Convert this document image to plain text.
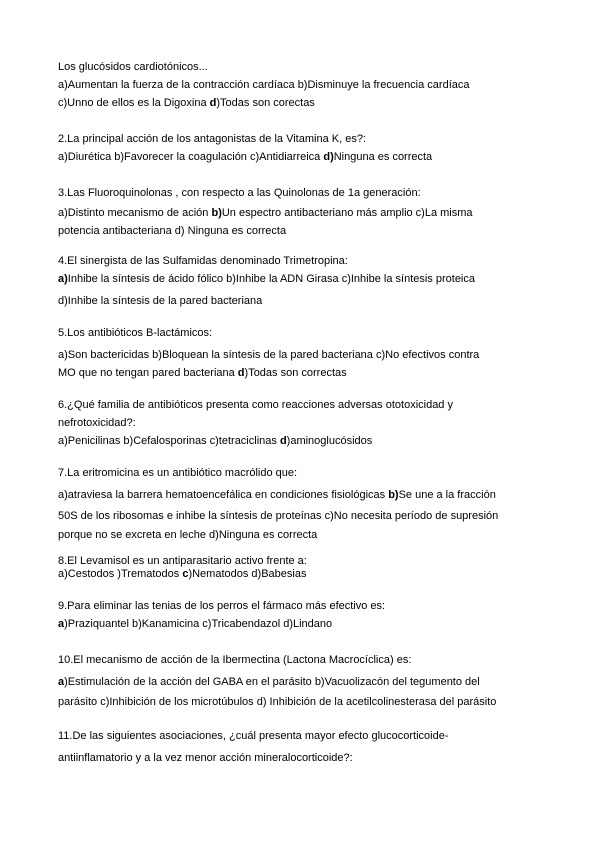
Los glucósidos cardiotónicos...
a)Aumentan la fuerza de la contracción cardíaca b)Disminuye la frecuencia cardíaca
c)Unno de ellos es la Digoxina d)Todas son corectas
2.La principal acción de los antagonistas de la Vitamina K, es?:
a)Diurética b)Favorecer la coagulación c)Antidiarreica d)Ninguna es correcta
3.Las Fluoroquinolonas , con respecto a las Quinolonas de 1a generación:
a)Distinto mecanismo de ación b)Un espectro antibacteriano más amplio c)La misma
potencia antibacteriana d) Ninguna es correcta
4.El sinergista de las Sulfamidas denominado Trimetropina:
a)Inhibe la síntesis de ácido fólico b)Inhibe la ADN Girasa c)Inhibe la síntesis proteica
d)Inhibe la síntesis de la pared bacteriana
5.Los antibióticos B-lactámicos:
a)Son bactericidas b)Bloquean la síntesis de la pared bacteriana c)No efectivos contra
MO que no tengan pared bacteriana d)Todas son correctas
6.¿Qué familia de antibióticos presenta como reacciones adversas ototoxicidad y
nefrotoxicidad?:
a)Penicilinas b)Cefalosporinas c)tetraciclinas d)aminoglucósidos
7.La eritromicina es un antibiótico macrólido que:
a)atraviesa la barrera hematoencefálica en condiciones fisiológicas b)Se une a la fracción
50S de los ribosomas e inhibe la síntesis de proteínas c)No necesita período de supresión
porque no se excreta en leche d)Ninguna es correcta
8.El Levamisol es un antiparasitario activo frente a:
a)Cestodos )Trematodos c)Nematodos d)Babesias
9.Para eliminar las tenias de los perros el fármaco más efectivo es:
a)Praziquantel b)Kanamicina c)Tricabendazol d)Lindano
10.El mecanismo de acción de la Ibermectina (Lactona Macrocíclica) es:
a)Estimulación de la acción del GABA en el parásito b)Vacuolizacón del tegumento del
parásito c)Inhibición de los microtúbulos d) Inhibición de la acetilcolinesterasa del parásito
11.De las siguientes asociaciones, ¿cuál presenta mayor efecto glucocorticoide-
antiinflamatorio y a la vez menor acción mineralocorticoide?:
